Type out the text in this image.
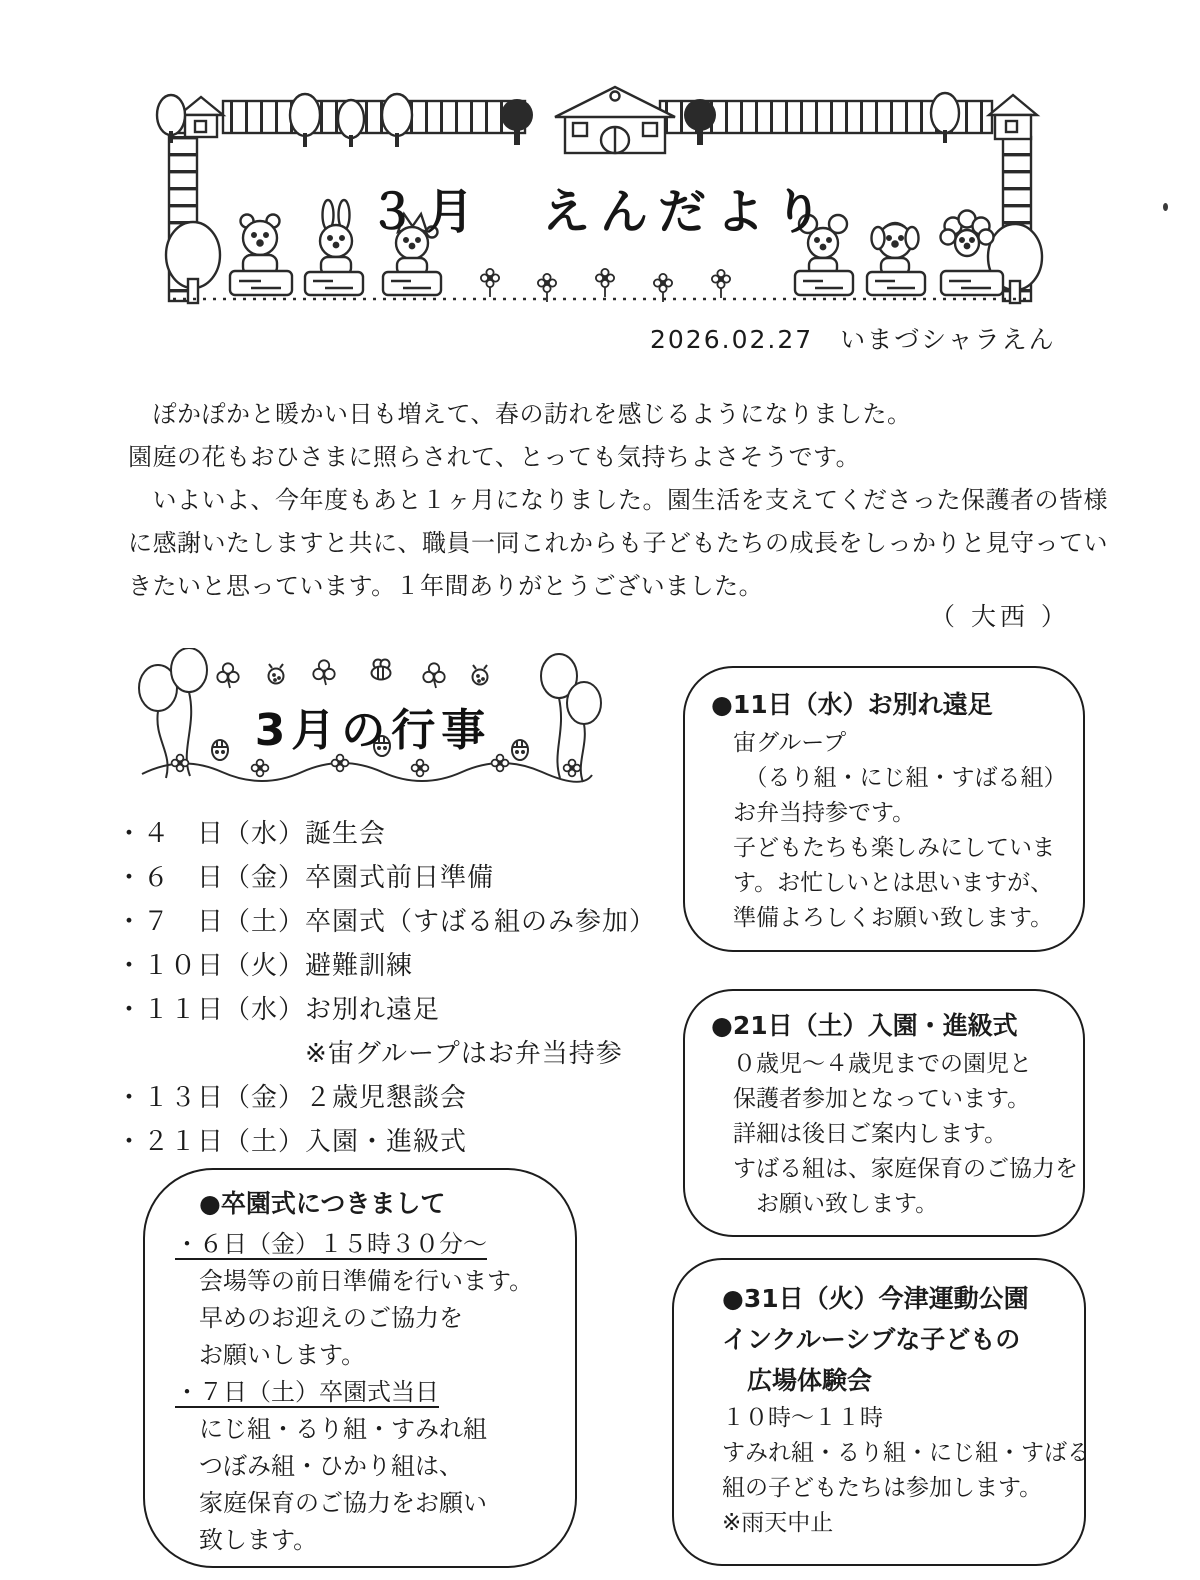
３月　えんだより
2026.02.27　いまづシャラえん
　ぽかぽかと暖かい日も増えて、春の訪れを感じるようになりました。
園庭の花もおひさまに照らされて、とっても気持ちよさそうです。
　いよいよ、今年度もあと１ヶ月になりました。園生活を支えてくださった保護者の皆様
に感謝いたしますと共に、職員一同これからも子どもたちの成長をしっかりと見守ってい
きたいと思っています。１年間ありがとうございました。
（ 大西 ）
3月の行事
・４　日（水）誕生会
・６　日（金）卒園式前日準備
・７　日（土）卒園式（すばる組のみ参加）
・１０日（火）避難訓練
・１１日（水）お別れ遠足
　　　　　　　※宙グループはお弁当持参
・１３日（金）２歳児懇談会
・２１日（土）入園・進級式
●11日（水）お別れ遠足
宙グループ
　（るり組・にじ組・すばる組）
お弁当持参です。
子どもたちも楽しみにしていま
す。お忙しいとは思いますが、
準備よろしくお願い致します。
●21日（土）入園・進級式
０歳児～４歳児までの園児と
保護者参加となっています。
詳細は後日ご案内します。
すばる組は、家庭保育のご協力を
　お願い致します。
●31日（火）今津運動公園
インクルーシブな子どもの
　広場体験会
１０時～１１時
すみれ組・るり組・にじ組・すばる
組の子どもたちは参加します。
※雨天中止
●卒園式につきまして
・６日（金）１５時３０分～
　会場等の前日準備を行います。
　早めのお迎えのご協力を
　お願いします。
・７日（土）卒園式当日
　にじ組・るり組・すみれ組
　つぼみ組・ひかり組は、
　家庭保育のご協力をお願い
　致します。
